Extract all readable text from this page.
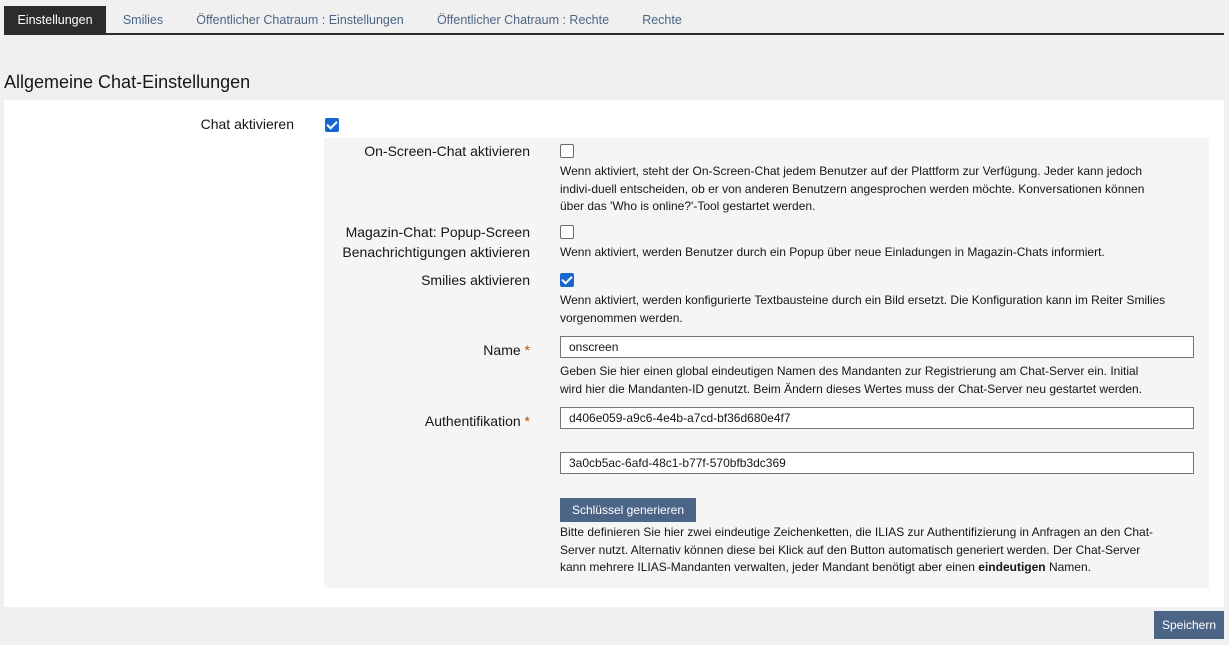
Einstellungen	Smilies	Öffentlicher Chatraum : Einstellungen	Öffentlicher Chatraum : Rechte	Rechte
Allgemeine Chat-Einstellungen
Chat aktivieren
On-Screen-Chat aktivieren
Wenn aktiviert, steht der On-Screen-Chat jedem Benutzer auf der Plattform zur Verfügung. Jeder kann jedoch indivi-duell entscheiden, ob er von anderen Benutzern angesprochen werden möchte. Konversationen können über das 'Who is online?'-Tool gestartet werden.
Magazin-Chat: Popup-Screen
Benachrichtigungen aktivieren	Wenn aktiviert, werden Benutzer durch ein Popup über neue Einladungen in Magazin-Chats informiert.
Smilies aktivieren
Wenn aktiviert, werden konfigurierte Textbausteine durch ein Bild ersetzt. Die Konfiguration kann im Reiter Smilies vorgenommen werden.
Name *	onscreen
Geben Sie hier einen global eindeutigen Namen des Mandanten zur Registrierung am Chat-Server ein. Initial wird hier die Mandanten-ID genutzt. Beim Ändern dieses Wertes muss der Chat-Server neu gestartet werden.
Authentifikation *	d406e059-a9c6-4e4b-a7cd-bf36d680e4f7
3a0cb5ac-6afd-48c1-b77f-570bfb3dc369
Schlüssel generieren
Bitte definieren Sie hier zwei eindeutige Zeichenketten, die ILIAS zur Authentifizierung in Anfragen an den Chat-Server nutzt. Alternativ können diese bei Klick auf den Button automatisch generiert werden. Der Chat-Server kann mehrere ILIAS-Mandanten verwalten, jeder Mandant benötigt aber einen eindeutigen Namen.
Speichern
